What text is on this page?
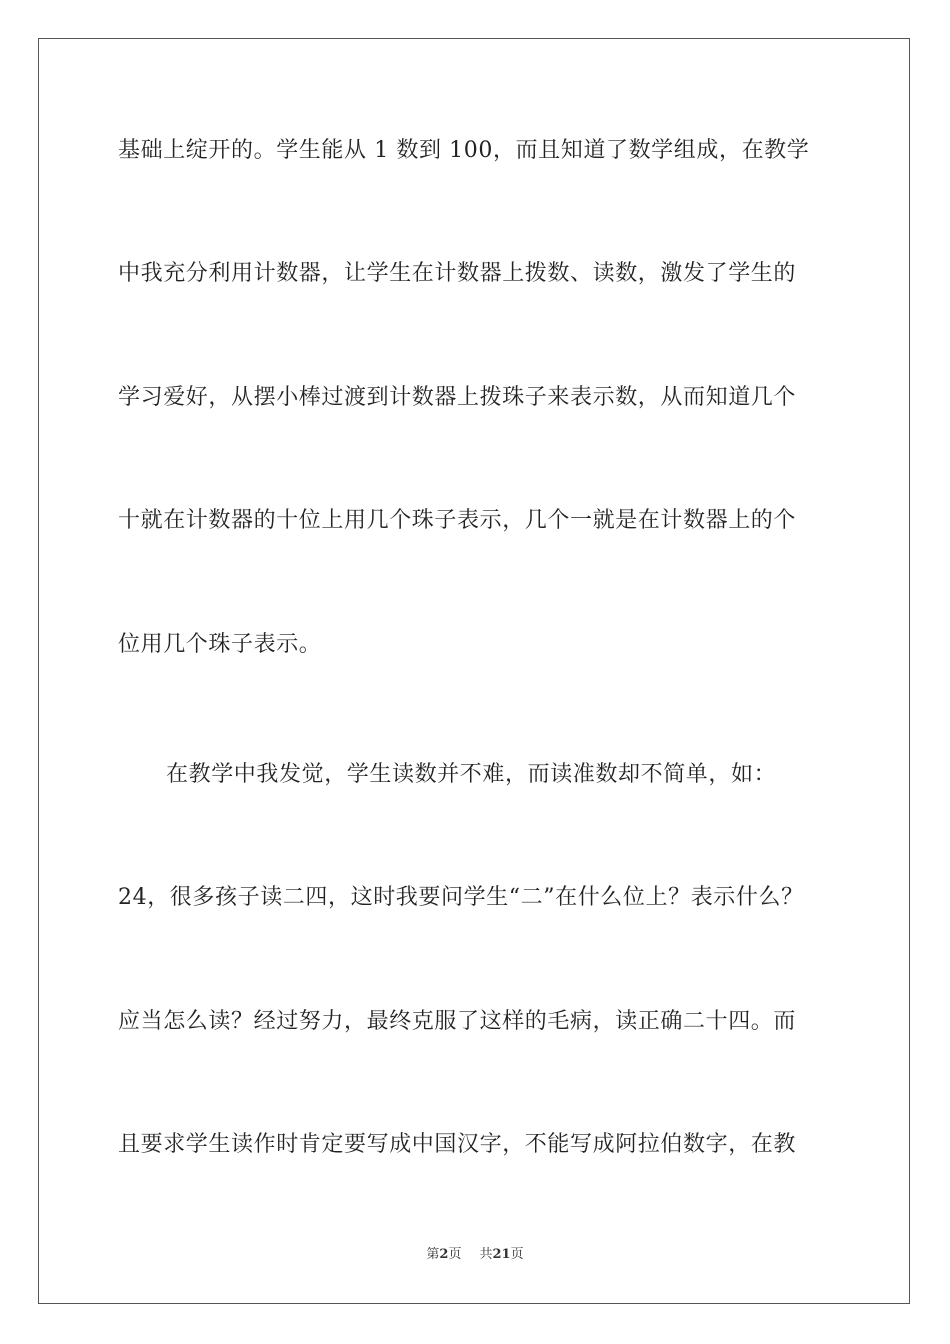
基础上绽开的。学生能从 1 数到 100，而且知道了数学组成，在教学
中我充分利用计数器，让学生在计数器上拨数、读数，激发了学生的
学习爱好，从摆小棒过渡到计数器上拨珠子来表示数，从而知道几个
十就在计数器的十位上用几个珠子表示，几个一就是在计数器上的个
位用几个珠子表示。
在教学中我发觉，学生读数并不难，而读准数却不简单，如：
24，很多孩子读二四，这时我要问学生“二”在什么位上？表示什么？
应当怎么读？经过努力，最终克服了这样的毛病，读正确二十四。而
且要求学生读作时肯定要写成中国汉字，不能写成阿拉伯数字，在教
第2页 共21页
